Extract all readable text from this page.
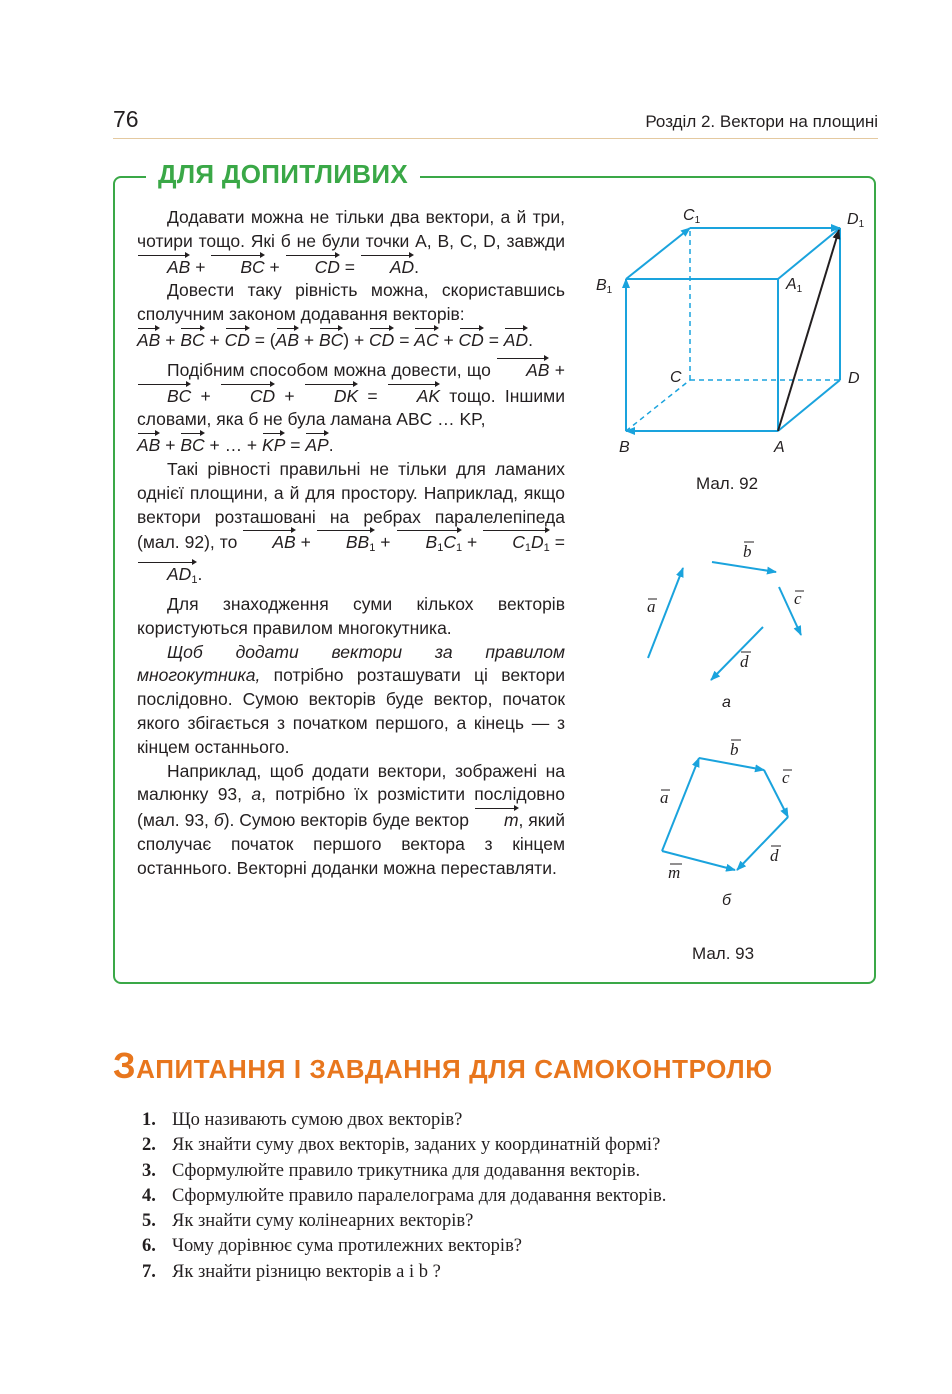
76	Розділ 2. Вектори на площині
ДЛЯ ДОПИТЛИВИХ

Додавати можна не тільки два вектори, а й три, чотири тощо. Які б не були точки A, B, C, D, завжди AB + BC + CD = AD.

Довести таку рівність можна, скориставшись сполучним законом додавання векторів:

AB + BC + CD = (AB + BC) + CD = AC + CD = AD.

Подібним способом можна довести, що AB + BC + CD + DK = AK тощо. Іншими словами, яка б не була ламана ABC … KP,

AB + BC + … + KP = AP.

Такі рівності правильні не тільки для ламаних однієї площини, а й для простору. Наприклад, якщо вектори розташовані на ребрах паралелепіпеда (мал. 92), то AB + $BB_1 + B_1C_1 + C_1D_1 = AD_1$.

Для знаходження суми кількох векторів користуються правилом многокутника.

Щоб додати вектори за правилом многокутника, потрібно розташувати ці вектори послідовно. Сумою векторів буде вектор, початок якого збігається з початком першого, а кінець — з кінцем останнього.

Наприклад, щоб додати вектори, зображені на малюнку 93, а, потрібно їх розмістити послідовно (мал. 93, б). Сумою векторів буде вектор m, який сполучає початок першого вектора з кінцем останнього. Векторні доданки можна переставляти.

C1	D1
B1	A1
C	D
B	A
Мал. 92
a
b
c
d
а
a
b
c
d
m
б
Мал. 93
ЗАПИТАННЯ І ЗАВДАННЯ ДЛЯ САМОКОНТРОЛЮ
1. Що називають сумою двох векторів?
2. Як знайти суму двох векторів, заданих у координатній формі?
3. Сформулюйте правило трикутника для додавання векторів.
4. Сформулюйте правило паралелограма для додавання векторів.
5. Як знайти суму колінеарних векторів?
6. Чому дорівнює сума протилежних векторів?
7. Як знайти різницю векторів a і b ?
